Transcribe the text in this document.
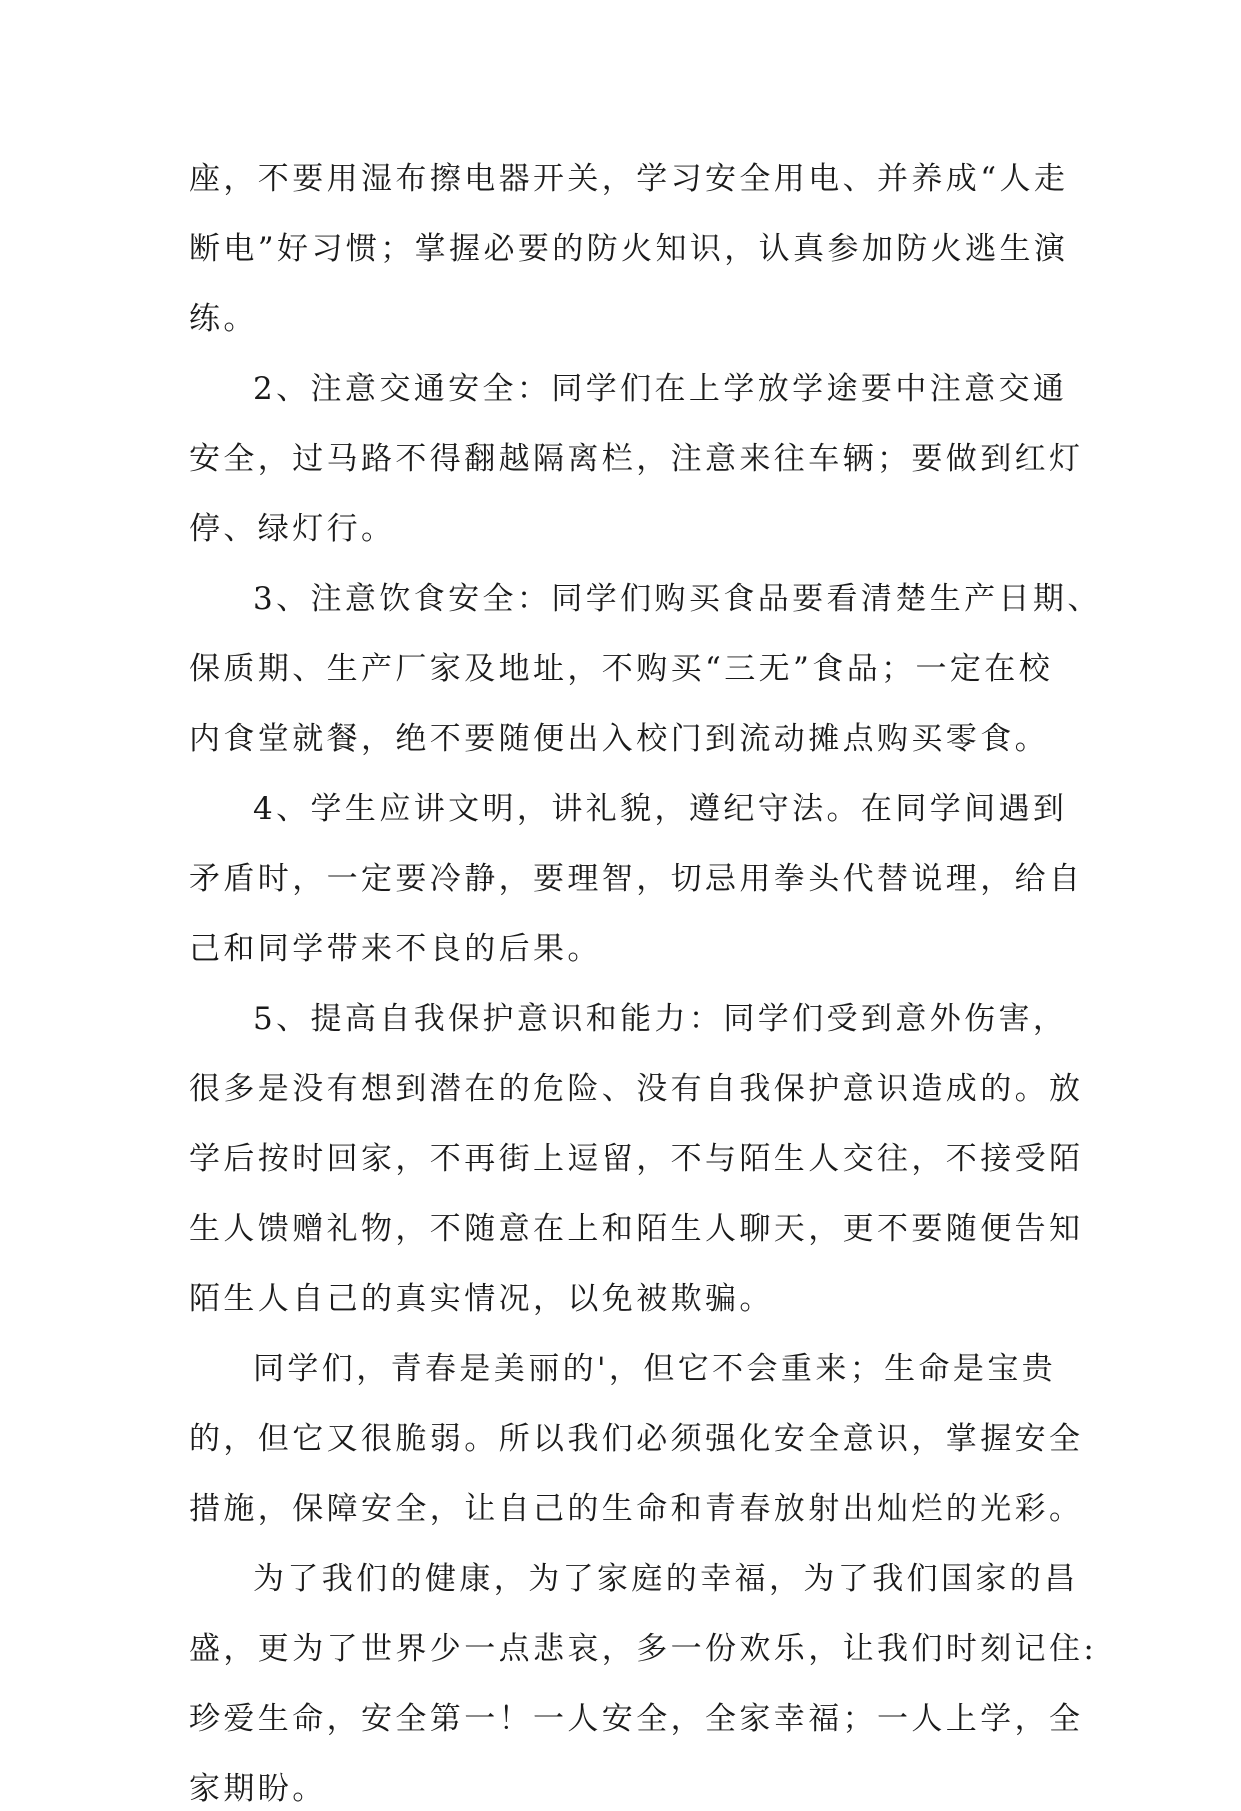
座，不要用湿布擦电器开关，学习安全用电、并养成“人走
断电”好习惯；掌握必要的防火知识，认真参加防火逃生演
练。
2、注意交通安全：同学们在上学放学途要中注意交通
安全，过马路不得翻越隔离栏，注意来往车辆；要做到红灯
停、绿灯行。
3、注意饮食安全：同学们购买食品要看清楚生产日期、
保质期、生产厂家及地址，不购买“三无”食品；一定在校
内食堂就餐，绝不要随便出入校门到流动摊点购买零食。
4、学生应讲文明，讲礼貌，遵纪守法。在同学间遇到
矛盾时，一定要冷静，要理智，切忌用拳头代替说理，给自
己和同学带来不良的后果。
5、提高自我保护意识和能力：同学们受到意外伤害，
很多是没有想到潜在的危险、没有自我保护意识造成的。放
学后按时回家，不再街上逗留，不与陌生人交往，不接受陌
生人馈赠礼物，不随意在上和陌生人聊天，更不要随便告知
陌生人自己的真实情况，以免被欺骗。
同学们，青春是美丽的'，但它不会重来；生命是宝贵
的，但它又很脆弱。所以我们必须强化安全意识，掌握安全
措施，保障安全，让自己的生命和青春放射出灿烂的光彩。
为了我们的健康，为了家庭的幸福，为了我们国家的昌
盛，更为了世界少一点悲哀，多一份欢乐，让我们时刻记住:
珍爱生命，安全第一！一人安全，全家幸福；一人上学，全
家期盼。
